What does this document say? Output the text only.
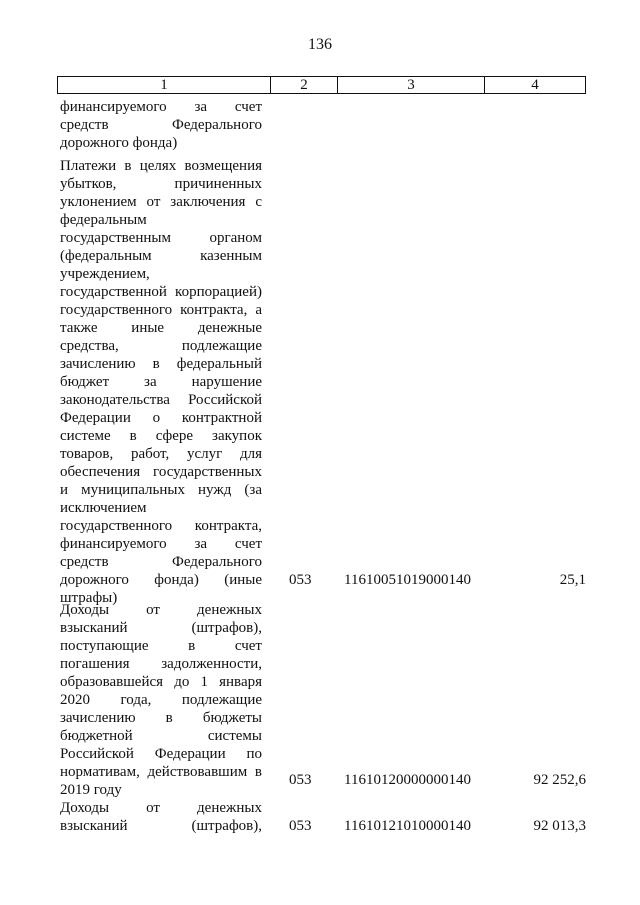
136
1	2	3	4
финансируемого за счет
средств Федерального
дорожного фонда)
Платежи в целях возмещения
убытков, причиненных
уклонением от заключения с
федеральным
государственным органом
(федеральным казенным
учреждением,
государственной корпорацией)
государственного контракта, а
также иные денежные
средства, подлежащие
зачислению в федеральный
бюджет за нарушение
законодательства Российской
Федерации о контрактной
системе в сфере закупок
товаров, работ, услуг для
обеспечения государственных
и муниципальных нужд (за
исключением
государственного контракта,
финансируемого за счет
средств Федерального
дорожного фонда) (иные
штрафы)
053 11610051019000140	25,1
Доходы от денежных
взысканий (штрафов),
поступающие в счет
погашения задолженности,
образовавшейся до 1 января
2020 года, подлежащие
зачислению в бюджеты
бюджетной системы
Российской Федерации по
нормативам, действовавшим в
2019 году
053 11610120000000140	92 252,6
Доходы от денежных
взысканий (штрафов), 053 11610121010000140	92 013,3
